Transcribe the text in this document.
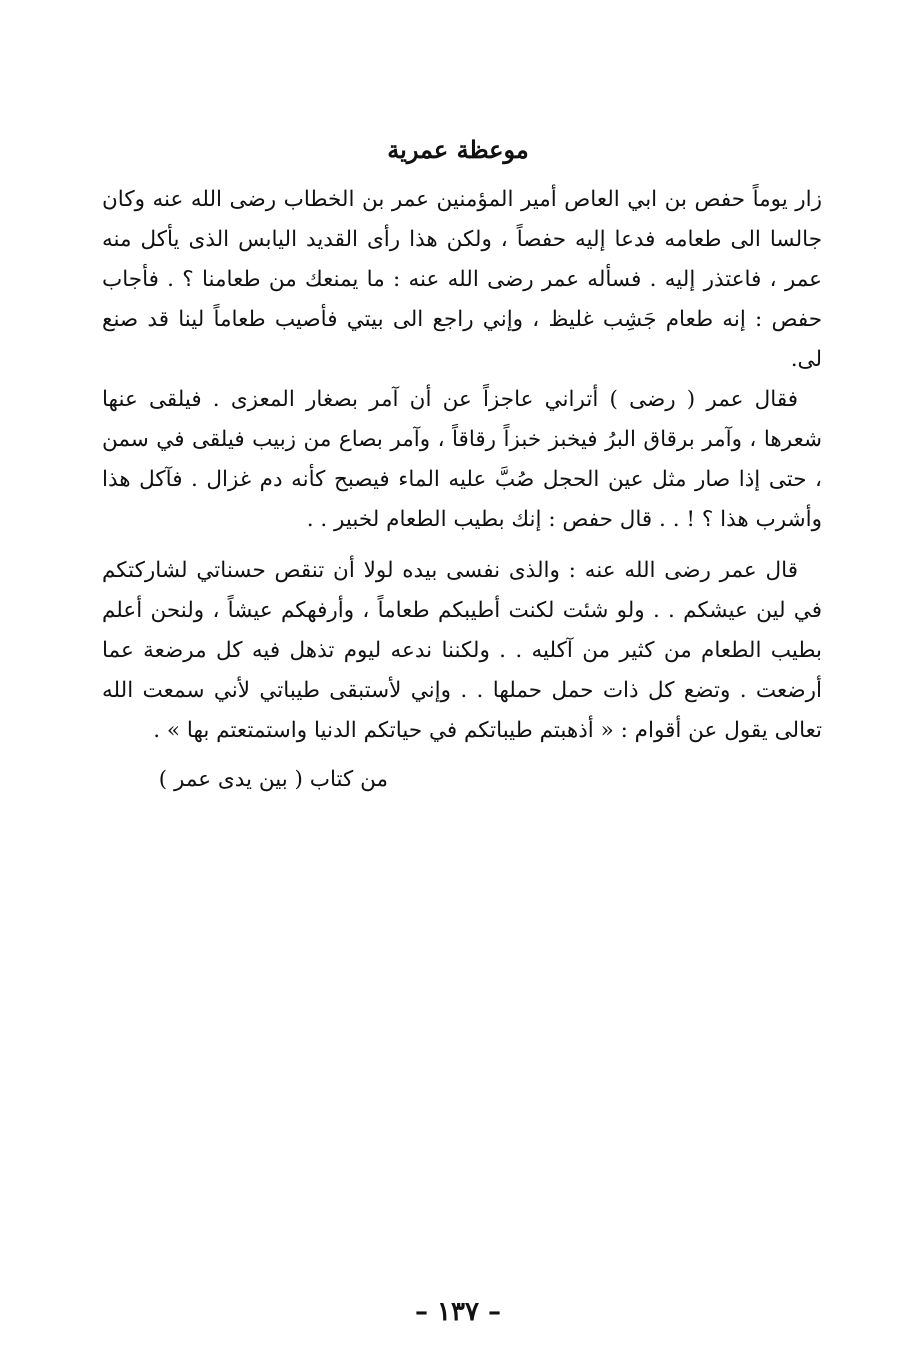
موعظة عمرية

زار يوماً حفص بن ابي العاص أمير المؤمنين عمر بن الخطاب رضى الله عنه وكان جالسا الى طعامه فدعا إليه حفصاً ، ولكن هذا رأى القديد اليابس الذى يأكل منه عمر ، فاعتذر إليه . فسأله عمر رضى الله عنه : ما يمنعك من طعامنا ؟ . فأجاب حفص : إنه طعام جَشِب غليظ ، وإني راجع الى بيتي فأصيب طعاماً لينا قد صنع لى.

فقال عمر ( رضى ) أتراني عاجزاً عن أن آمر بصغار المعزى . فيلقى عنها شعرها ، وآمر برقاق البرُ فيخبز خبزاً رقاقاً ، وآمر بصاع من زبيب فيلقى في سمن ، حتى إذا صار مثل عين الحجل صُبَّ عليه الماء فيصبح كأنه دم غزال . فآكل هذا وأشرب هذا ؟ ! . . قال حفص : إنك بطيب الطعام لخبير . .

قال عمر رضى الله عنه : والذى نفسى بيده لولا أن تنقص حسناتي لشاركتكم في لين عيشكم . . ولو شئت لكنت أطيبكم طعاماً ، وأرفهكم عيشاً ، ولنحن أعلم بطيب الطعام من كثير من آكليه . . ولكننا ندعه ليوم تذهل فيه كل مرضعة عما أرضعت . وتضع كل ذات حمل حملها . . وإني لأستبقى طيباتي لأني سمعت الله تعالى يقول عن أقوام : « أذهبتم طيباتكم في حياتكم الدنيا واستمتعتم بها » .

من كتاب ( بين يدى عمر )
– ١٣٧ –
